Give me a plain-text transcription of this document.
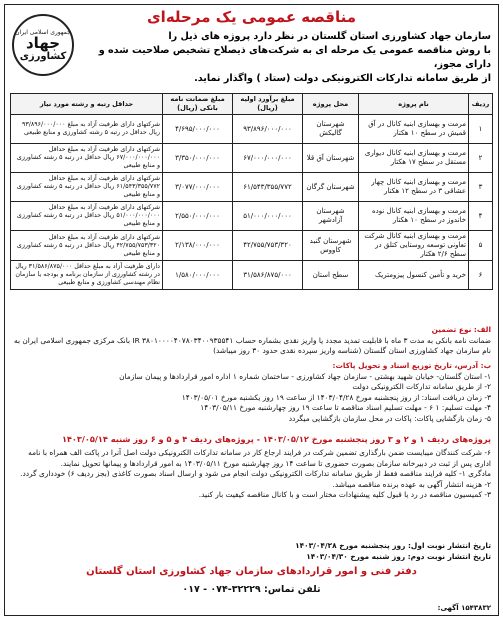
جمهوری اسلامی ایران
جهاد
کشاورزی
مناقصه عمومی یک مرحله‌ای
سازمان جهاد کشاورزی استان گلستان در نظر دارد پروژه های ذیل را
با روش مناقصه عمومی یک مرحله ای به شرکت‌های ذیصلاح تشخیص صلاحیت شده و دارای مجوز،
از طریق سامانه تدارکات الکترونیکی دولت (ستاد ) واگذار نماید.
ردیف	نام پروژه	محل پروژه	مبلغ برآورد اولیه (ریال)	مبلغ ضمانت نامه بانکی (ریال)	حداقل رتبه و رشته مورد نیاز
۱	مرمت و بهسازی ابنیه کانال در آق قمیش در سطح ۱۰ هکتار	شهرستان گالیکش	۹۳/۸۹۶/۰۰۰/۰۰۰	۴/۶۹۵/۰۰۰/۰۰۰	شرکتهای دارای ظرفیت آزاد به مبلغ ۹۳/۸۹۶/۰۰۰/۰۰۰ ریال حداقل در رتبه ۵ رشته کشاورزی و منابع طبیعی
۲	مرمت و بهسازی ابنیه کانال دیواری مستقل در سطح ۱۷ هکتار	شهرستان آق قلا	۶۷/۰۰۰/۰۰۰/۰۰۰	۳/۳۵۰/۰۰۰/۰۰۰	شرکتهای دارای ظرفیت آزاد به مبلغ حداقل ۶۷/۰۰۰/۰۰۰/۰۰۰ ریال حداقل در رتبه ۵ رشته کشاورزی و منابع طبیعی
۳	مرمت و بهسازی ابنیه کانال چهار عشاقی ۳ در سطح ۱۲ هکتار	شهرستان گرگان	۶۱/۵۴۳/۳۵۵/۷۷۲	۳/۰۷۷/۰۰۰/۰۰۰	شرکتهای دارای ظرفیت آزاد به مبلغ حداقل ۶۱/۵۴۳/۳۵۵/۷۷۲ ریال حداقل در رتبه ۵ رشته کشاورزی و منابع طبیعی
۴	مرمت و بهسازی ابنیه کانال نوده خاندوز در سطح ۱۰ هکتار	شهرستان آزادشهر	۵۱/۰۰۰/۰۰۰/۰۰۰	۲/۵۵۰/۰۰۰/۰۰۰	شرکتهای دارای ظرفیت آزاد به مبلغ حداقل ۵۱/۰۰۰/۰۰۰/۰۰۰ ریال حداقل در رتبه ۵ رشته کشاورزی و منابع طبیعی
۵	مرمت و بهسازی ابنیه کانال شرکت تعاونی توسعه روستایی کتلق در سطح ۲/۶ هکتار	شهرستان گنبد کاووس	۴۲/۷۵۵/۷۵۳/۳۲۰	۲/۱۳۸/۰۰۰/۰۰۰	شرکتهای دارای ظرفیت آزاد به مبلغ حداقل ۴۲/۷۵۵/۷۵۳/۳۲۰ ریال حداقل در رتبه ۵ رشته کشاورزی و منابع طبیعی
۶	خرید و تأمین کنسول پیزومتریک	سطح استان	۳۱/۵۸۶/۸۷۵/۰۰۰	۱/۵۸۰/۰۰۰/۰۰۰	دارای ظرفیت آزاد به مبلغ حداقل ۳۱/۵۸۶/۸۷۵/۰۰۰ ریال در رشته کشاورزی از سازمان برنامه و بودجه یا سازمان نظام مهندسی کشاورزی و منابع طبیعی
الف: نوع تضمین
ضمانت نامه بانکی به مدت ۳ ماه با قابلیت تمدید مجدد یا واریز نقدی بشماره حساب IR ۳۸۰۱۰۰۰۰۴۰۷۸۰۳۴۰۰۹۳۵۵۴۱ بانک مرکزی جمهوری اسلامی ایران به نام سازمان جهاد کشاورزی استان گلستان (شناسه واریز سپرده نقدی حدود ۳۰ روز میباشد)
ب: آدرس، تاریخ توزیع اسناد و تحویل پاکات:
۱- استان گلستان- خیابان شهید بهشتی - سازمان جهاد کشاورزی - ساختمان شماره ۱ اداره امور قراردادها و پیمان سازمان
۲- از طریق سامانه تدارکات الکترونیکی دولت
۳- زمان دریافت اسناد: از روز پنجشنبه مورخ ۱۴۰۳/۰۴/۲۸ از ساعت ۱۹ روز یکشنبه مورخ ۱۴۰۳/۰۵/۰۱
۴- مهلت تسلیم: ۱ ۶ - مهلت تسلیم اسناد مناقصه تا ساعت ۱۹ روز چهارشنبه مورخ ۱۴۰۳/۰۵/۱۱
۵- زمان بازگشایی پاکات: پاکات در محل سازمان بازگشایی میگردد
پروژه‌های ردیف ۱ و ۲ و ۳ روز پنجشنبه مورخ ۱۴۰۳/۰۵/۱۲ - پروژه‌های ردیف ۴ و ۵ و ۶ روز شنبه ۱۴۰۳/۰۵/۱۴
۶- شرکت کنندگان میبایست ضمن بارگذاری تضمین شرکت در فرایند ارجاع کار در سامانه تدارکات الکترونیکی دولت اصل آنرا در پاکت الف همراه با نامه اداری پس از ثبت در دبیرخانه سازمان بصورت حضوری تا ساعت ۱۴ روز چهارشنبه مورخ ۱۴۰۳/۰۵/۱۱ به امور قراردادها و پیمانها تحویل نمایند.
مادگری ۱- کلیه فرایند مناقصه فقط از طریق سامانه تدارکات الکترونیکی دولت انجام می شود و ارسال اسناد بصورت کاغذی (بجز ردیف ۶) خودداری گردد.
۲- هزینه انتشار آگهی به عهده برنده مناقصه میباشد.
۳- کمیسیون مناقصه در رد یا قبول کلیه پیشنهادات مختار است و با کانال مناقصه کیفیت بار کنید.
تاریخ انتشار نوبت اول: روز پنجشنبه مورخ ۱۴۰۳/۰۴/۲۸
تاریخ انتشار نوبت دوم: روز شنبه مورخ ۱۴۰۳/۰۴/۳۰
دفتر فنی و امور قراردادهای سازمان جهاد کشاورزی استان گلستان
تلفن تماس: ۳۲۲۲۹-۰۷۴ - ۰۱۷
۱۵۴۳۸۳۲ آگهی:
